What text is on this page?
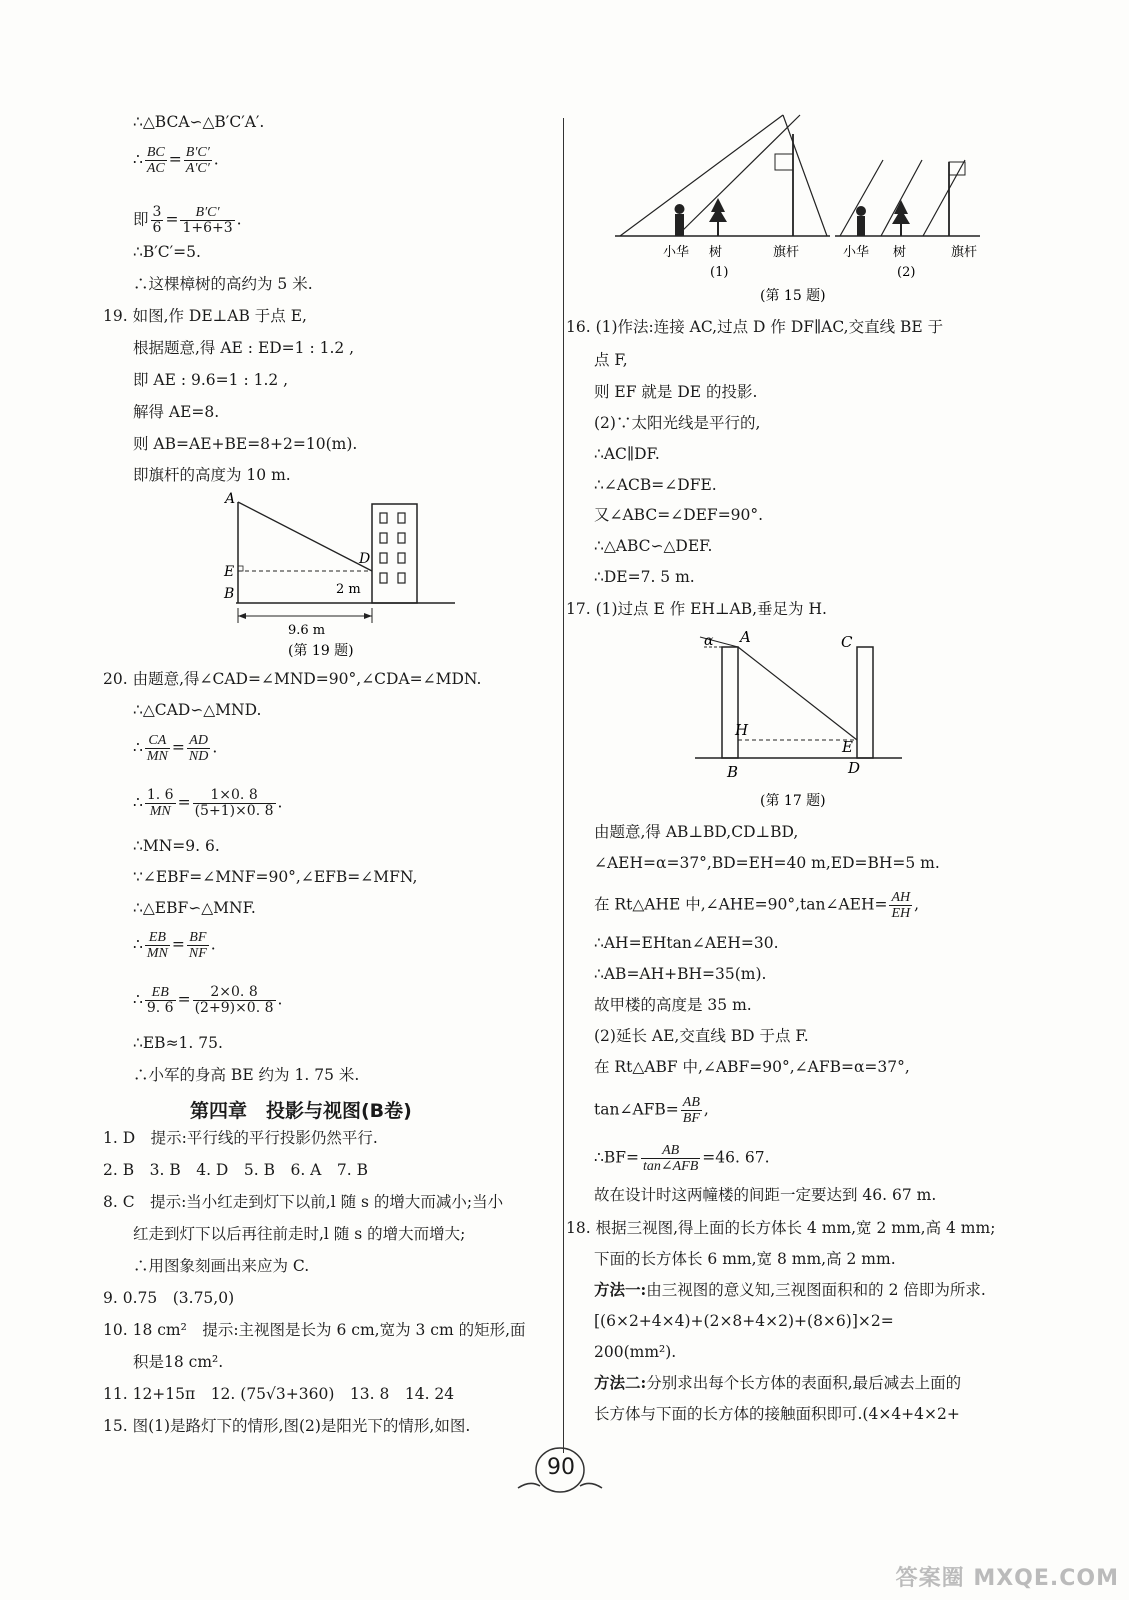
∴△BCA∽△B′C′A′.
∴ $\frac{BC}{AC} = \frac{B'C'}{A'C'}$ .
即 $\frac{3}{6} = \frac{B'C'}{1+6+3}$ .
∴B′C′=5.
∴这棵樟树的高约为 5 米.
19. 如图,作 DE⊥AB 于点 E,
根据题意,得 AE : ED=1 : 1.2 ,
即 AE : 9.6=1 : 1.2 ,
解得 AE=8.
则 AB=AE+BE=8+2=10(m).
即旗杆的高度为 10 m.
A
E
B
D
2 m
9.6 m
(第 19 题)
20. 由题意,得∠CAD=∠MND=90°,∠CDA=∠MDN.
∴△CAD∽△MND.
∴ $\frac{CA}{MN} = \frac{AD}{ND}$ .
∴ $\frac{1. 6}{MN} = \frac{1\times 0. 8}{(5+1)\times 0. 8}$ .
∴MN=9. 6.
∵∠EBF=∠MNF=90°,∠EFB=∠MFN,
∴△EBF∽△MNF.
∴ $\frac{EB}{MN} = \frac{BF}{NF}$ .
∴ $\frac{EB}{9. 6} = \frac{2\times 0. 8}{(2+9)\times 0. 8}$ .
∴EB≈1. 75.
∴小军的身高 BE 约为 1. 75 米.
第四章　投影与视图(B卷)
1. D　提示:平行线的平行投影仍然平行.
2. B　3. B　4. D　5. B　6. A　7. B
8. C　提示:当小红走到灯下以前,l 随 s 的增大而减小;当小
红走到灯下以后再往前走时,l 随 s 的增大而增大;
∴用图象刻画出来应为 C.
9. 0.75　(3.75,0)
10. 18 cm²　提示:主视图是长为 6 cm,宽为 3 cm 的矩形,面
积是18 cm².
11. 12+15π　12. (75√3+360)　13. 8　14. 24
15. 图(1)是路灯下的情形,图(2)是阳光下的情形,如图.
小华 树	旗杆	小华 树	旗杆
(1)	(2)
(第 15 题)
16. (1)作法:连接 AC,过点 D 作 DF∥AC,交直线 BE 于
点 F,
则 EF 就是 DE 的投影.
(2)∵太阳光线是平行的,
∴AC∥DF.
∴∠ACB=∠DFE.
又∠ABC=∠DEF=90°.
∴△ABC∽△DEF.
∴DE=7. 5 m.
17. (1)过点 E 作 EH⊥AB,垂足为 H.
α A	C
H
E
B	D
(第 17 题)
由题意,得 AB⊥BD,CD⊥BD,
∠AEH=α=37°,BD=EH=40 m,ED=BH=5 m.
在 Rt△AHE 中,∠AHE=90°,tan∠AEH= $\frac{AH}{EH}$ ,
∴AH=EHtan∠AEH=30.
∴AB=AH+BH=35(m).
故甲楼的高度是 35 m.
(2)延长 AE,交直线 BD 于点 F.
在 Rt△ABF 中,∠ABF=90°,∠AFB=α=37°,
tan∠AFB= $\frac{AB}{BF}$ ,
∴BF= $\frac{AB}{\text{tan∠AFB}} =46$. 67.
故在设计时这两幢楼的间距一定要达到 46. 67 m.
18. 根据三视图,得上面的长方体长 4 mm,宽 2 mm,高 4 mm;
下面的长方体长 6 mm,宽 8 mm,高 2 mm.
方法一:由三视图的意义知,三视图面积和的 2 倍即为所求.
[(6×2+4×4)+(2×8+4×2)+(8×6)]×2=
200(mm²).
方法二:分别求出每个长方体的表面积,最后减去上面的
长方体与下面的长方体的接触面积即可.(4×4+4×2+
90
答案圈 MXQE.COM
